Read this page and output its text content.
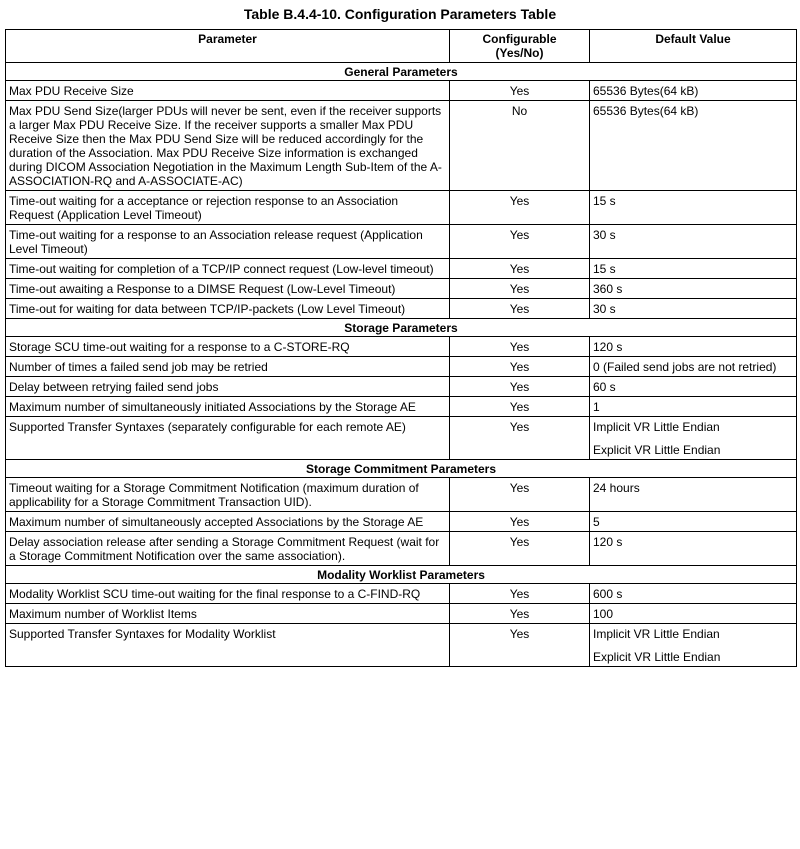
Table B.4.4-10. Configuration Parameters Table
Parameter	Configurable (Yes/No)	Default Value
General Parameters		
Max PDU Receive Size	Yes	65536 Bytes(64 kB)

Max PDU Send Size(larger PDUs will never be sent, even if the receiver supports a larger Max PDU Receive Size. If the receiver supports a smaller Max PDU Receive Size then the Max PDU Send Size will be reduced accordingly for the duration of the Association. Max PDU Receive Size information is exchanged during DICOM Association Negotiation in the Maximum Length Sub-Item of the A-ASSOCIATION-RQ and A-ASSOCIATE-AC)	No	65536 Bytes(64 kB)

Time-out waiting for a acceptance or rejection response to an Association Request (Application Level Timeout)	Yes	15 s

Time-out waiting for a response to an Association release request (Application Level Timeout)	Yes	30 s

Time-out waiting for completion of a TCP/IP connect request (Low-level timeout)	Yes	15 s

Time-out awaiting a Response to a DIMSE Request (Low-Level Timeout)	Yes	360 s

Time-out for waiting for data between TCP/IP-packets (Low Level Timeout)	Yes	30 s

Storage Parameters		
Storage SCU time-out waiting for a response to a C-STORE-RQ	Yes	120 s

Number of times a failed send job may be retried	Yes	0 (Failed send jobs are not retried)

Delay between retrying failed send jobs	Yes	60 s

Maximum number of simultaneously initiated Associations by the Storage AE	Yes	1

Supported Transfer Syntaxes (separately configurable for each remote AE)	Yes	Implicit VR Little Endian
Explicit VR Little Endian

Storage Commitment Parameters		
Timeout waiting for a Storage Commitment Notification (maximum duration of applicability for a Storage Commitment Transaction UID).	Yes	24 hours

Maximum number of simultaneously accepted Associations by the Storage AE	Yes	5

Delay association release after sending a Storage Commitment Request (wait for a Storage Commitment Notification over the same association).	Yes	120 s

Modality Worklist Parameters		
Modality Worklist SCU time-out waiting for the final response to a C-FIND-RQ	Yes	600 s

Maximum number of Worklist Items	Yes	100

Supported Transfer Syntaxes for Modality Worklist	Yes	Implicit VR Little Endian
Explicit VR Little Endian
